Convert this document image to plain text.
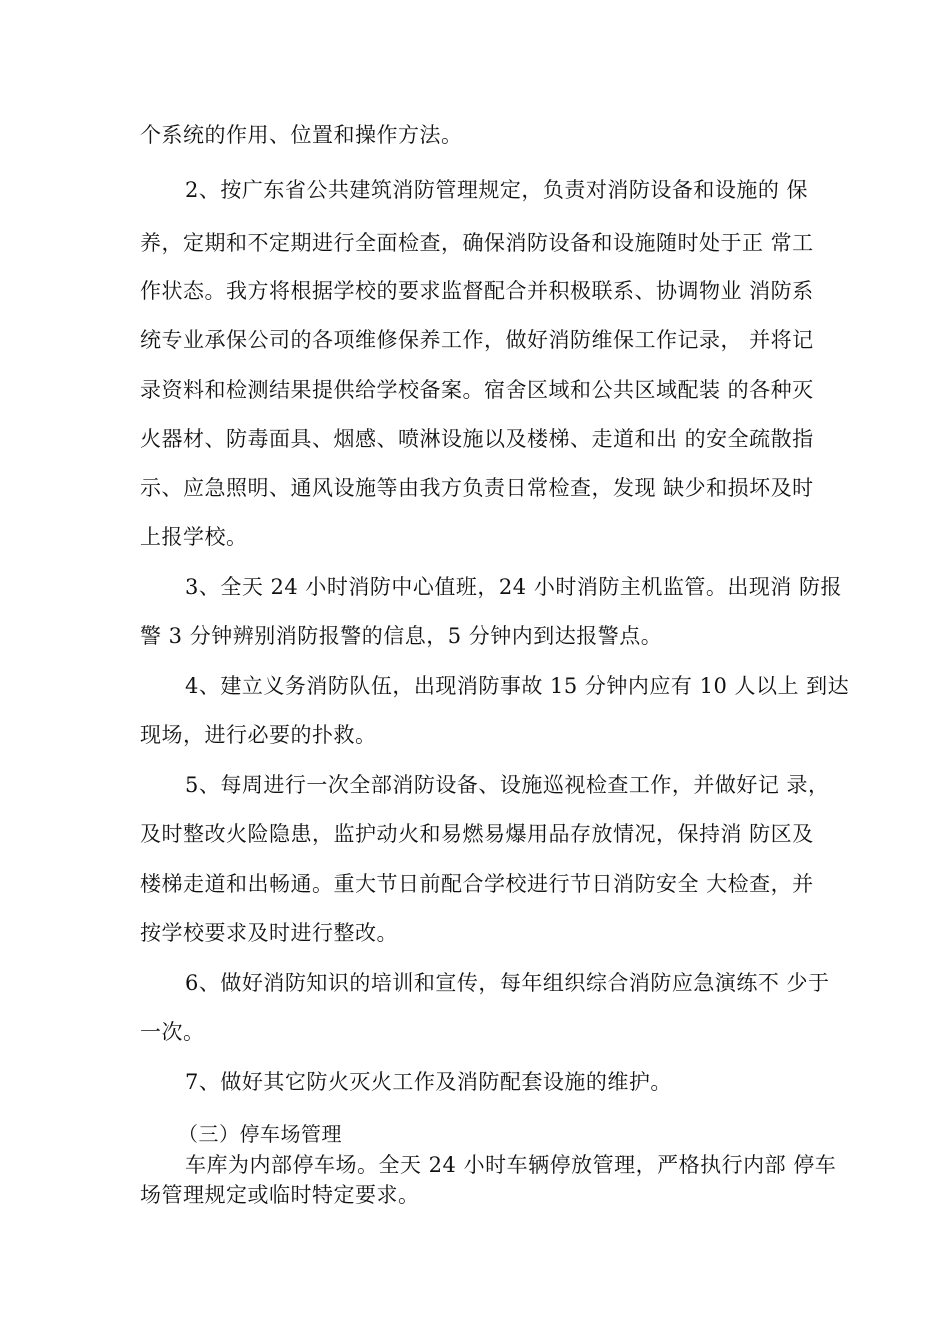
个系统的作用、位置和操作方法。
2、按广东省公共建筑消防管理规定，负责对消防设备和设施的 保
养，定期和不定期进行全面检查，确保消防设备和设施随时处于正 常工
作状态。我方将根据学校的要求监督配合并积极联系、协调物业 消防系
统专业承保公司的各项维修保养工作，做好消防维保工作记录， 并将记
录资料和检测结果提供给学校备案。宿舍区域和公共区域配装 的各种灭
火器材、防毒面具、烟感、喷淋设施以及楼梯、走道和出 的安全疏散指
示、应急照明、通风设施等由我方负责日常检查，发现 缺少和损坏及时
上报学校。
3、全天 24 小时消防中心值班，24 小时消防主机监管。出现消 防报
警 3 分钟辨别消防报警的信息，5 分钟内到达报警点。
4、建立义务消防队伍，出现消防事故 15 分钟内应有 10 人以上 到达
现场，进行必要的扑救。
5、每周进行一次全部消防设备、设施巡视检查工作，并做好记 录，
及时整改火险隐患，监护动火和易燃易爆用品存放情况，保持消 防区及
楼梯走道和出畅通。重大节日前配合学校进行节日消防安全 大检查，并
按学校要求及时进行整改。
6、做好消防知识的培训和宣传，每年组织综合消防应急演练不 少于
一次。
7、做好其它防火灭火工作及消防配套设施的维护。
（三）停车场管理
车库为内部停车场。全天 24 小时车辆停放管理，严格执行内部 停车
场管理规定或临时特定要求。
